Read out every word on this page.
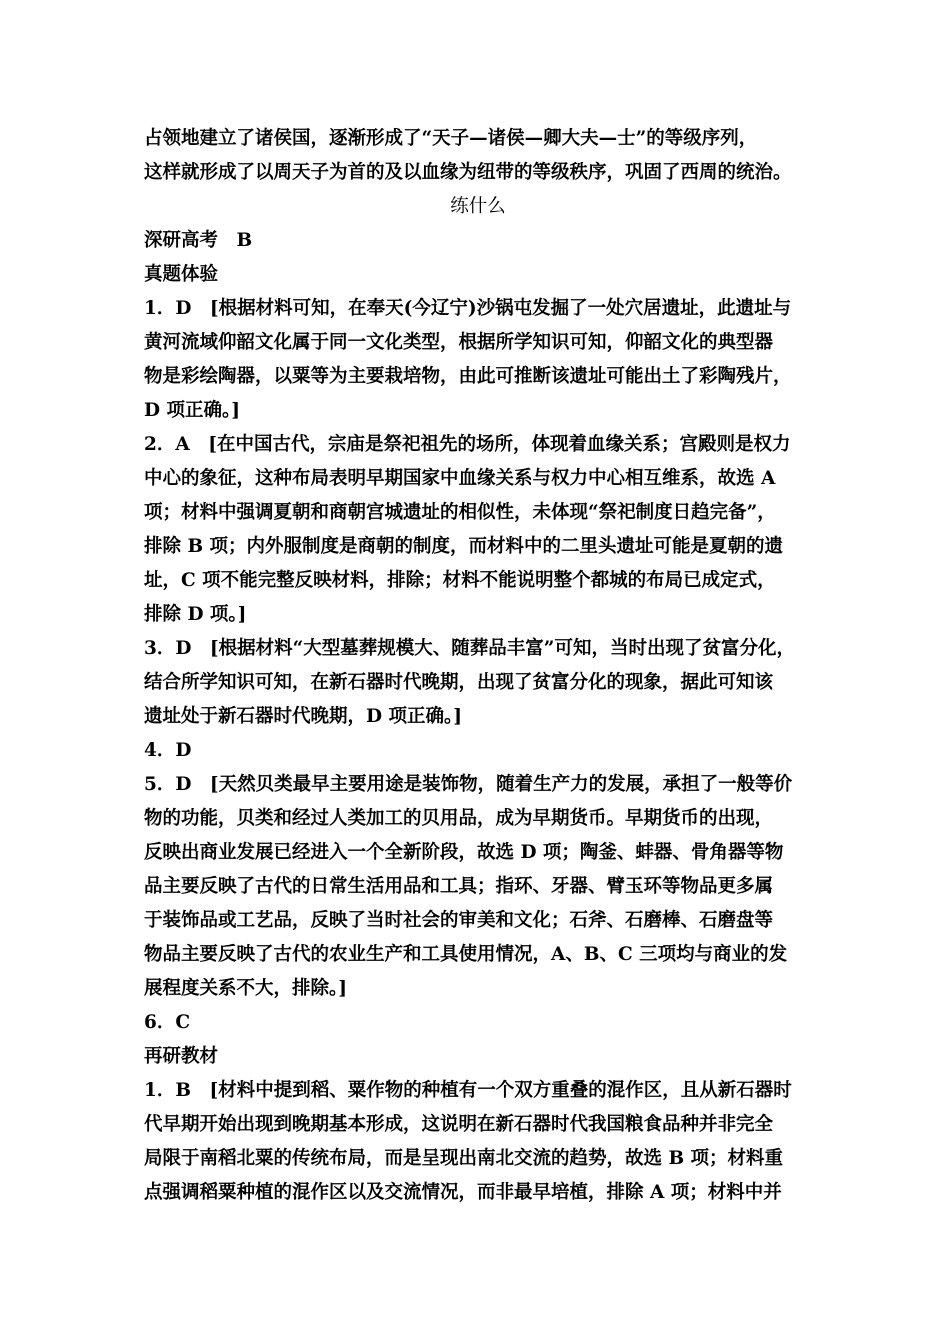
占领地建立了诸侯国，逐渐形成了“天子—诸侯—卿大夫—士”的等级序列，
这样就形成了以周天子为首的及以血缘为纽带的等级秩序，巩固了西周的统治。
练什么
深研高考　B
真题体验
1．D　[根据材料可知，在奉天(今辽宁)沙锅屯发掘了一处穴居遗址，此遗址与
黄河流域仰韶文化属于同一文化类型，根据所学知识可知，仰韶文化的典型器
物是彩绘陶器，以粟等为主要栽培物，由此可推断该遗址可能出土了彩陶残片，
D 项正确。]
2．A　[在中国古代，宗庙是祭祀祖先的场所，体现着血缘关系；宫殿则是权力
中心的象征，这种布局表明早期国家中血缘关系与权力中心相互维系，故选 A
项；材料中强调夏朝和商朝宫城遗址的相似性，未体现“祭祀制度日趋完备”，
排除 B 项；内外服制度是商朝的制度，而材料中的二里头遗址可能是夏朝的遗
址，C 项不能完整反映材料，排除；材料不能说明整个都城的布局已成定式，
排除 D 项。]
3．D　[根据材料“大型墓葬规模大、随葬品丰富”可知，当时出现了贫富分化，
结合所学知识可知，在新石器时代晚期，出现了贫富分化的现象，据此可知该
遗址处于新石器时代晚期，D 项正确。]
4．D
5．D　[天然贝类最早主要用途是装饰物，随着生产力的发展，承担了一般等价
物的功能，贝类和经过人类加工的贝用品，成为早期货币。早期货币的出现，
反映出商业发展已经进入一个全新阶段，故选 D 项；陶釜、蚌器、骨角器等物
品主要反映了古代的日常生活用品和工具；指环、牙器、臂玉环等物品更多属
于装饰品或工艺品，反映了当时社会的审美和文化；石斧、石磨棒、石磨盘等
物品主要反映了古代的农业生产和工具使用情况，A、B、C 三项均与商业的发
展程度关系不大，排除。]
6．C
再研教材
1．B　[材料中提到稻、粟作物的种植有一个双方重叠的混作区，且从新石器时
代早期开始出现到晚期基本形成，这说明在新石器时代我国粮食品种并非完全
局限于南稻北粟的传统布局，而是呈现出南北交流的趋势，故选 B 项；材料重
点强调稻粟种植的混作区以及交流情况，而非最早培植，排除 A 项；材料中并
